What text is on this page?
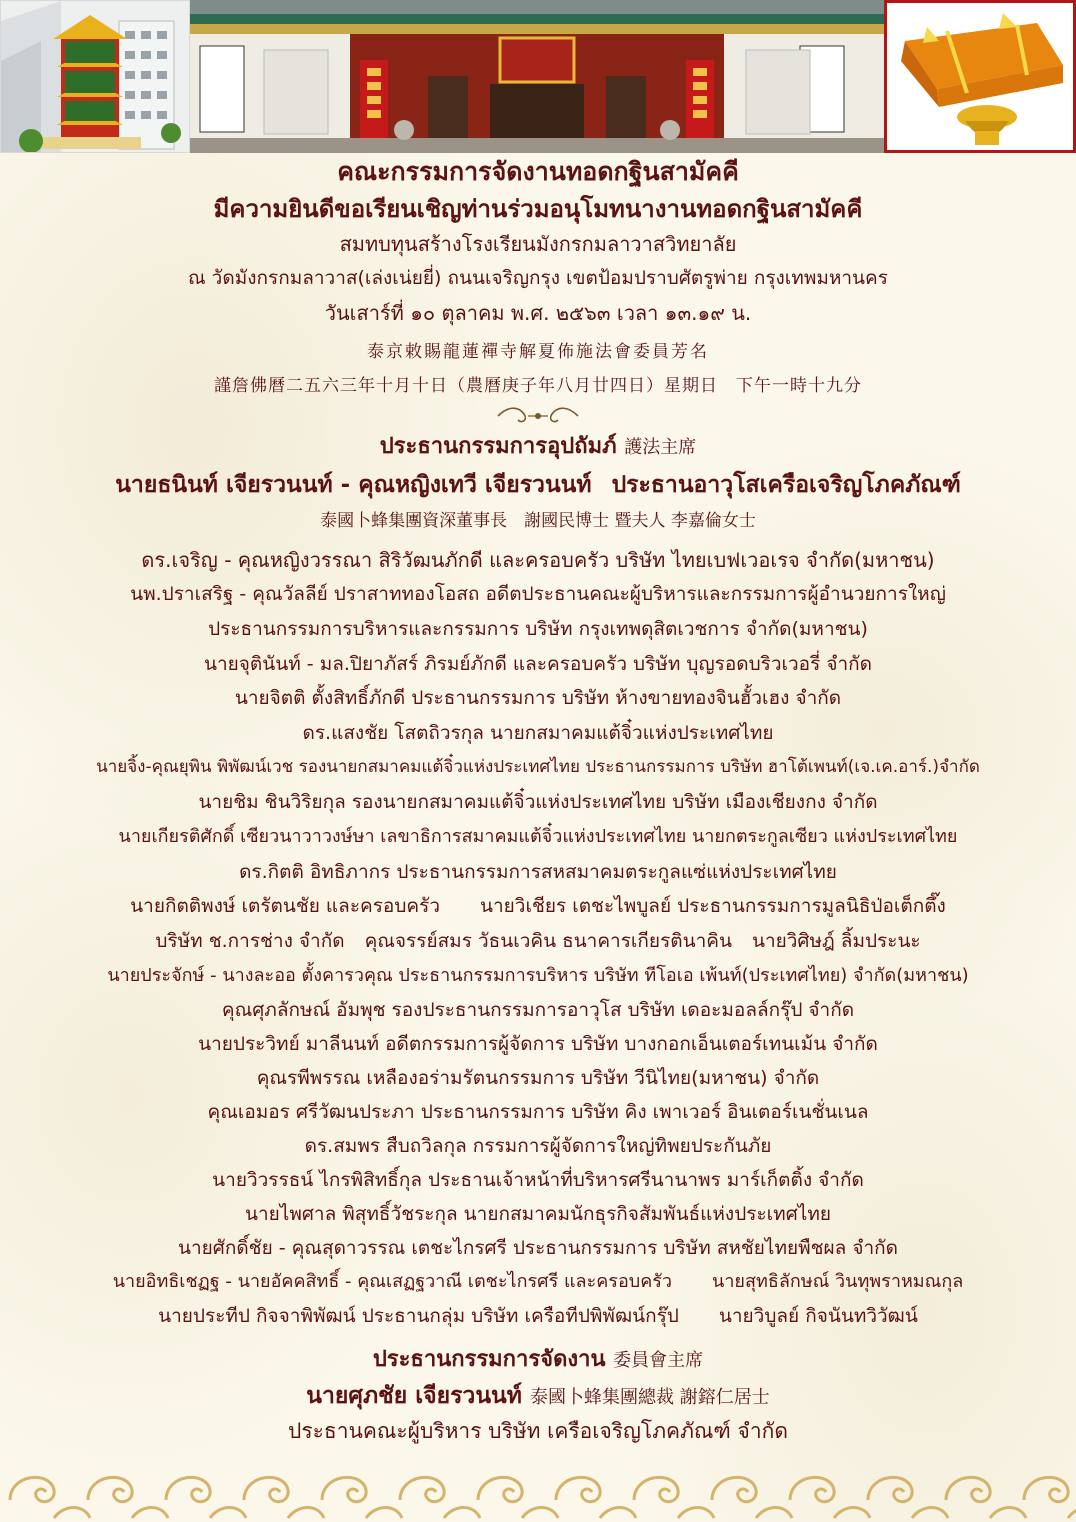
คณะกรรมการจัดงานทอดกฐินสามัคคี
มีความยินดีขอเรียนเชิญท่านร่วมอนุโมทนางานทอดกฐินสามัคคี
สมทบทุนสร้างโรงเรียนมังกรกมลาวาสวิทยาลัย
ณ วัดมังกรกมลาวาส(เล่งเน่ยยี่) ถนนเจริญกรุง เขตป้อมปราบศัตรูพ่าย กรุงเทพมหานคร
วันเสาร์ที่ ๑๐ ตุลาคม พ.ศ. ๒๕๖๓ เวลา ๑๓.๑๙ น.
泰京敕賜龍蓮禪寺解夏佈施法會委員芳名
謹詹佛曆二五六三年十月十日（農曆庚子年八月廿四日）星期日　下午一時十九分
ประธานกรรมการอุปถัมภ์ 護法主席
นายธนินท์ เจียรวนนท์ - คุณหญิงเทวี เจียรวนนท์ ประธานอาวุโสเครือเจริญโภคภัณฑ์
泰國卜蜂集團資深董事長　謝國民博士 暨夫人 李嘉倫女士
ดร.เจริญ - คุณหญิงวรรณา สิริวัฒนภักดี และครอบครัว บริษัท ไทยเบฟเวอเรจ จำกัด(มหาชน)
นพ.ปราเสริฐ - คุณวัลลีย์ ปราสาททองโอสถ อดีตประธานคณะผู้บริหารและกรรมการผู้อำนวยการใหญ่
ประธานกรรมการบริหารและกรรมการ บริษัท กรุงเทพดุสิตเวชการ จำกัด(มหาชน)
นายจุตินันท์ - มล.ปิยาภัสร์ ภิรมย์ภักดี และครอบครัว บริษัท บุญรอดบริวเวอรี่ จำกัด
นายจิตติ ตั้งสิทธิ์ภักดี ประธานกรรมการ บริษัท ห้างขายทองจินฮั้วเฮง จำกัด
ดร.แสงชัย โสตถิวรกุล นายกสมาคมแต้จิ๋วแห่งประเทศไทย
นายจิ้ง-คุณยุพิน พิพัฒน์เวช รองนายกสมาคมแต้จิ๋วแห่งประเทศไทย ประธานกรรมการ บริษัท ฮาโต้เพนท์(เจ.เค.อาร์.)จำกัด
นายชิม ชินวิริยกุล รองนายกสมาคมแต้จิ๋วแห่งประเทศไทย บริษัท เมืองเชียงกง จำกัด
นายเกียรติศักดิ์ เซียวนาวาวงษ์ษา เลขาธิการสมาคมแต้จิ๋วแห่งประเทศไทย นายกตระกูลเซียว แห่งประเทศไทย
ดร.กิตติ อิทธิภากร ประธานกรรมการสหสมาคมตระกูลแซ่แห่งประเทศไทย
นายกิตติพงษ์ เตรัตนชัย และครอบครัว นายวิเชียร เตชะไพบูลย์ ประธานกรรมการมูลนิธิป่อเต็กตึ๊ง
บริษัท ช.การช่าง จำกัด คุณจรรย์สมร วัธนเวคิน ธนาคารเกียรตินาคิน นายวิศิษฎ์ ลิ้มประนะ
นายประจักษ์ - นางละออ ตั้งคารวคุณ ประธานกรรมการบริหาร บริษัท ทีโอเอ เพ้นท์(ประเทศไทย) จำกัด(มหาชน)
คุณศุภลักษณ์ อัมพุช รองประธานกรรมการอาวุโส บริษัท เดอะมอลล์กรุ๊ป จำกัด
นายประวิทย์ มาลีนนท์ อดีตกรรมการผู้จัดการ บริษัท บางกอกเอ็นเตอร์เทนเม้น จำกัด
คุณรพีพรรณ เหลืองอร่ามรัตนกรรมการ บริษัท วีนิไทย(มหาชน) จำกัด
คุณเอมอร ศรีวัฒนประภา ประธานกรรมการ บริษัท คิง เพาเวอร์ อินเตอร์เนชั่นเนล
ดร.สมพร สืบถวิลกุล กรรมการผู้จัดการใหญ่ทิพยประกันภัย
นายวิวรรธน์ ไกรพิสิทธิ์กุล ประธานเจ้าหน้าที่บริหารศรีนานาพร มาร์เก็ตติ้ง จำกัด
นายไพศาล พิสุทธิ์วัชระกุล นายกสมาคมนักธุรกิจสัมพันธ์แห่งประเทศไทย
นายศักดิ์ชัย - คุณสุดาวรรณ เตชะไกรศรี ประธานกรรมการ บริษัท สหชัยไทยพืชผล จำกัด
นายอิทธิเชฏฐ - นายอัคคสิทธิ์ - คุณเสฏฐวาณี เตชะไกรศรี และครอบครัว นายสุทธิลักษณ์ วินทุพราหมณกุล
นายประทีป กิจจาพิพัฒน์ ประธานกลุ่ม บริษัท เครือทีปพิพัฒน์กรุ๊ป นายวิบูลย์ กิจนันทวิวัฒน์
ประธานกรรมการจัดงาน 委員會主席
นายศุภชัย เจียรวนนท์ 泰國卜蜂集團總裁 謝鎔仁居士
ประธานคณะผู้บริหาร บริษัท เครือเจริญโภคภัณฑ์ จำกัด
